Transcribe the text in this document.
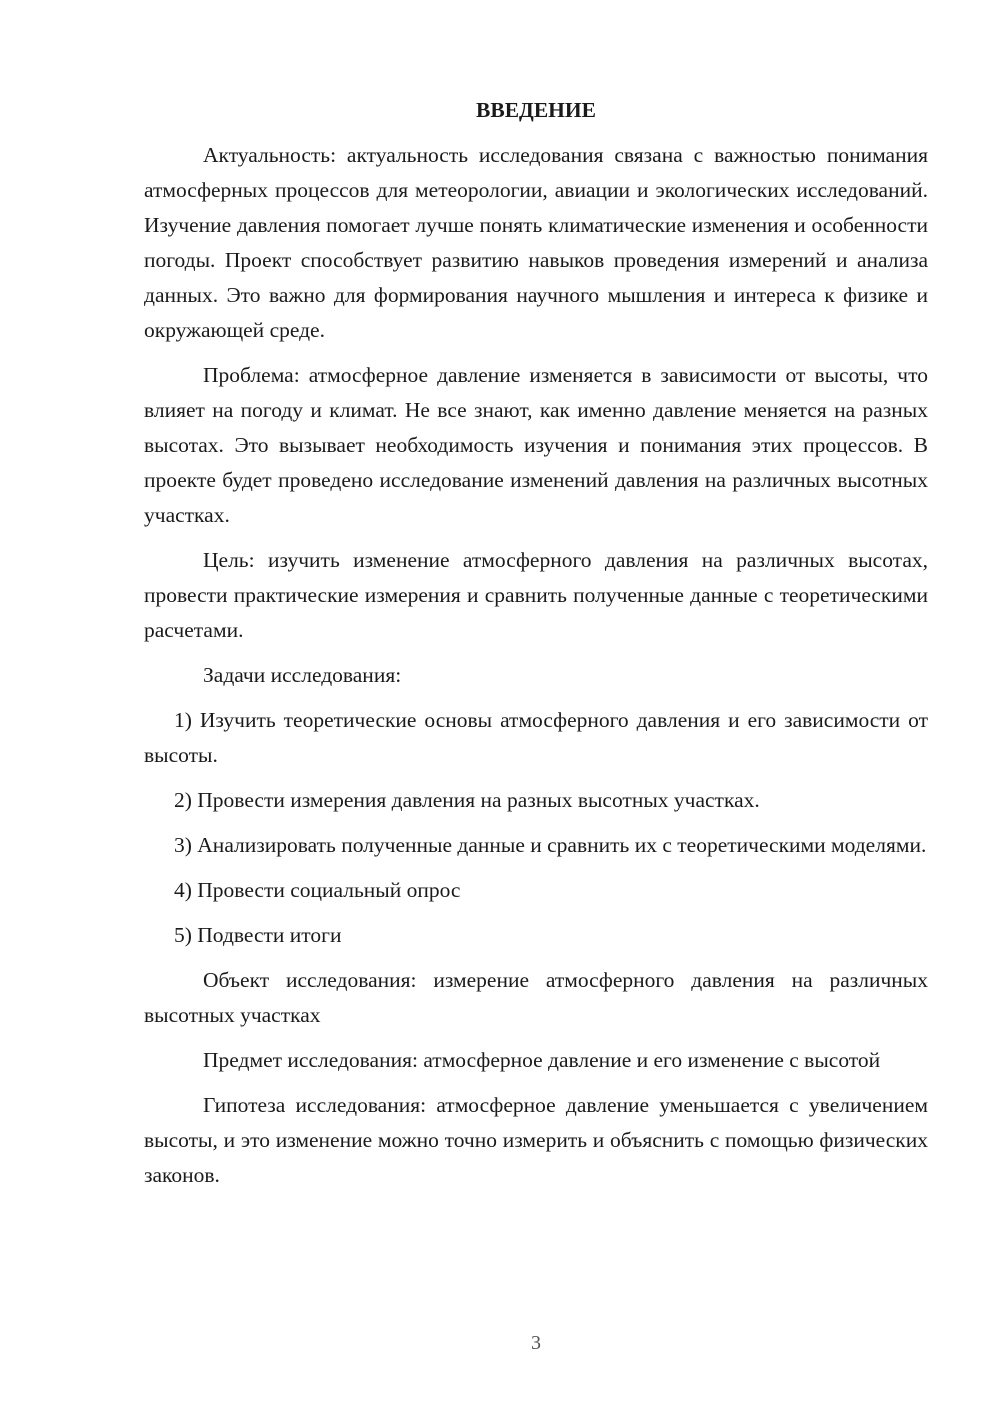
ВВЕДЕНИЕ

Актуальность: актуальность исследования связана с важностью понимания атмосферных процессов для метеорологии, авиации и экологических исследований. Изучение давления помогает лучше понять климатические изменения и особенности погоды. Проект способствует развитию навыков проведения измерений и анализа данных. Это важно для формирования научного мышления и интереса к физике и окружающей среде.

Проблема: атмосферное давление изменяется в зависимости от высоты, что влияет на погоду и климат. Не все знают, как именно давление меняется на разных высотах. Это вызывает необходимость изучения и понимания этих процессов. В проекте будет проведено исследование изменений давления на различных высотных участках.

Цель: изучить изменение атмосферного давления на различных высотах, провести практические измерения и сравнить полученные данные с теоретическими расчетами.

Задачи исследования:

1) Изучить теоретические основы атмосферного давления и его зависимости от высоты.

2) Провести измерения давления на разных высотных участках.

3) Анализировать полученные данные и сравнить их с теоретическими моделями.

4) Провести социальный опрос

5) Подвести итоги

Объект исследования: измерение атмосферного давления на различных высотных участках

Предмет исследования: атмосферное давление и его изменение с высотой

Гипотеза исследования: атмосферное давление уменьшается с увеличением высоты, и это изменение можно точно измерить и объяснить с помощью физических законов.

3
